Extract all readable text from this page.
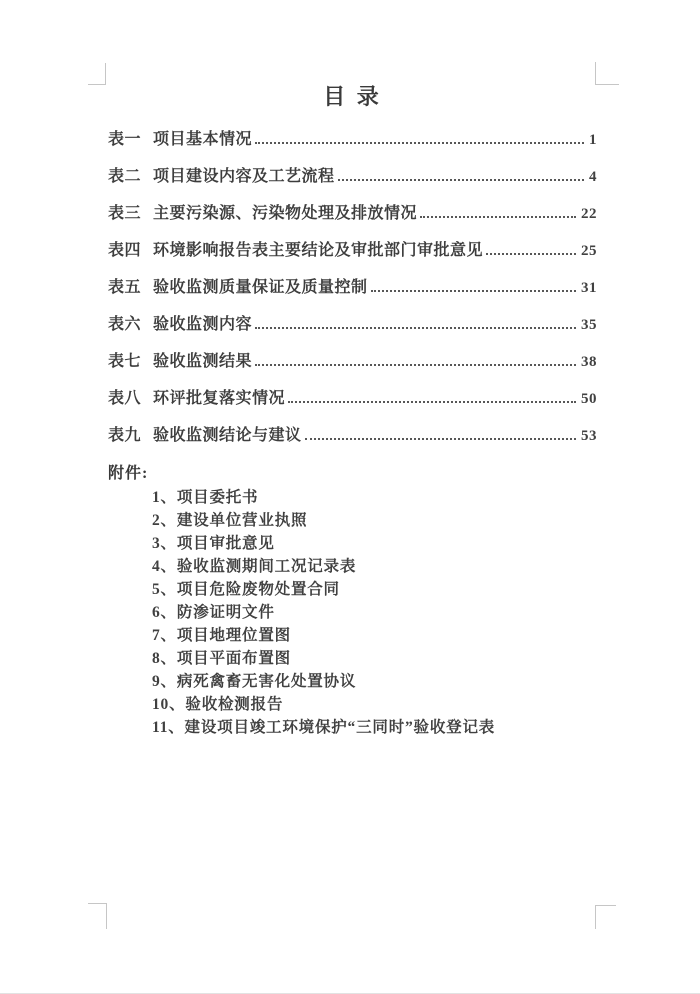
目 录
表一 项目基本情况	1
表二 项目建设内容及工艺流程	4
表三 主要污染源、污染物处理及排放情况	22
表四 环境影响报告表主要结论及审批部门审批意见	25
表五 验收监测质量保证及质量控制	31
表六 验收监测内容	35
表七 验收监测结果	38
表八 环评批复落实情况	50
表九 验收监测结论与建议	53
附件:
1、项目委托书
2、建设单位营业执照
3、项目审批意见
4、验收监测期间工况记录表
5、项目危险废物处置合同
6、防渗证明文件
7、项目地理位置图
8、项目平面布置图
9、病死禽畜无害化处置协议
10、验收检测报告
11、建设项目竣工环境保护“三同时”验收登记表
